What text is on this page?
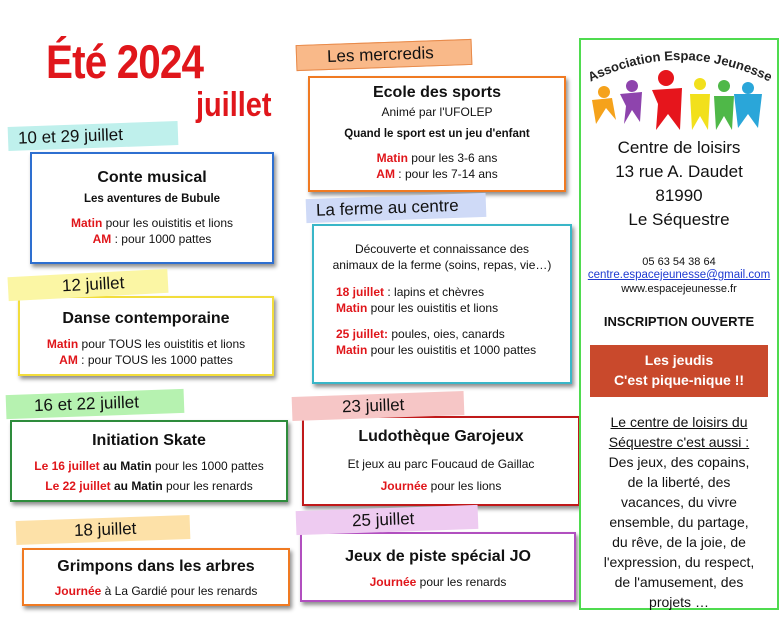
Été 2024
juillet
Conte musical
Les aventures de Bubule
Matin pour les ouistitis et lions
AM : pour 1000 pattes
10 et 29 juillet
Danse contemporaine
Matin pour TOUS les ouistitis et lions
AM : pour TOUS les 1000 pattes
12 juillet
Initiation Skate
Le 16 juillet au Matin pour les 1000 pattes
Le 22 juillet au Matin pour les renards
16 et 22 juillet
Grimpons dans les arbres
Journée à La Gardié pour les renards
18 juillet
Ecole des sports
Animé par l'UFOLEP
Quand le sport est un jeu d'enfant
Matin pour les 3-6 ans
AM : pour les 7-14 ans
Les mercredis
Découverte et connaissance des
animaux de la ferme (soins, repas, vie…)
18 juillet : lapins et chèvres
Matin pour les ouistitis et lions
25 juillet: poules, oies, canards
Matin pour les ouistitis et 1000 pattes
La ferme au centre
Ludothèque Garojeux
Et jeux au parc Foucaud de Gaillac
Journée pour les lions
23 juillet
Jeux de piste spécial JO
Journée pour les renards
25 juillet
Association Espace Jeunesse
Centre de loisirs
13 rue A. Daudet
81990
Le Séquestre
05 63 54 38 64
centre.espacejeunesse@gmail.com
www.espacejeunesse.fr
INSCRIPTION OUVERTE
Les jeudis
C'est pique-nique !!
Le centre de loisirs du
Séquestre c'est aussi :
Des jeux, des copains,
de la liberté, des
vacances, du vivre
ensemble, du partage,
du rêve, de la joie, de
l'expression, du respect,
de l'amusement, des
projets …
